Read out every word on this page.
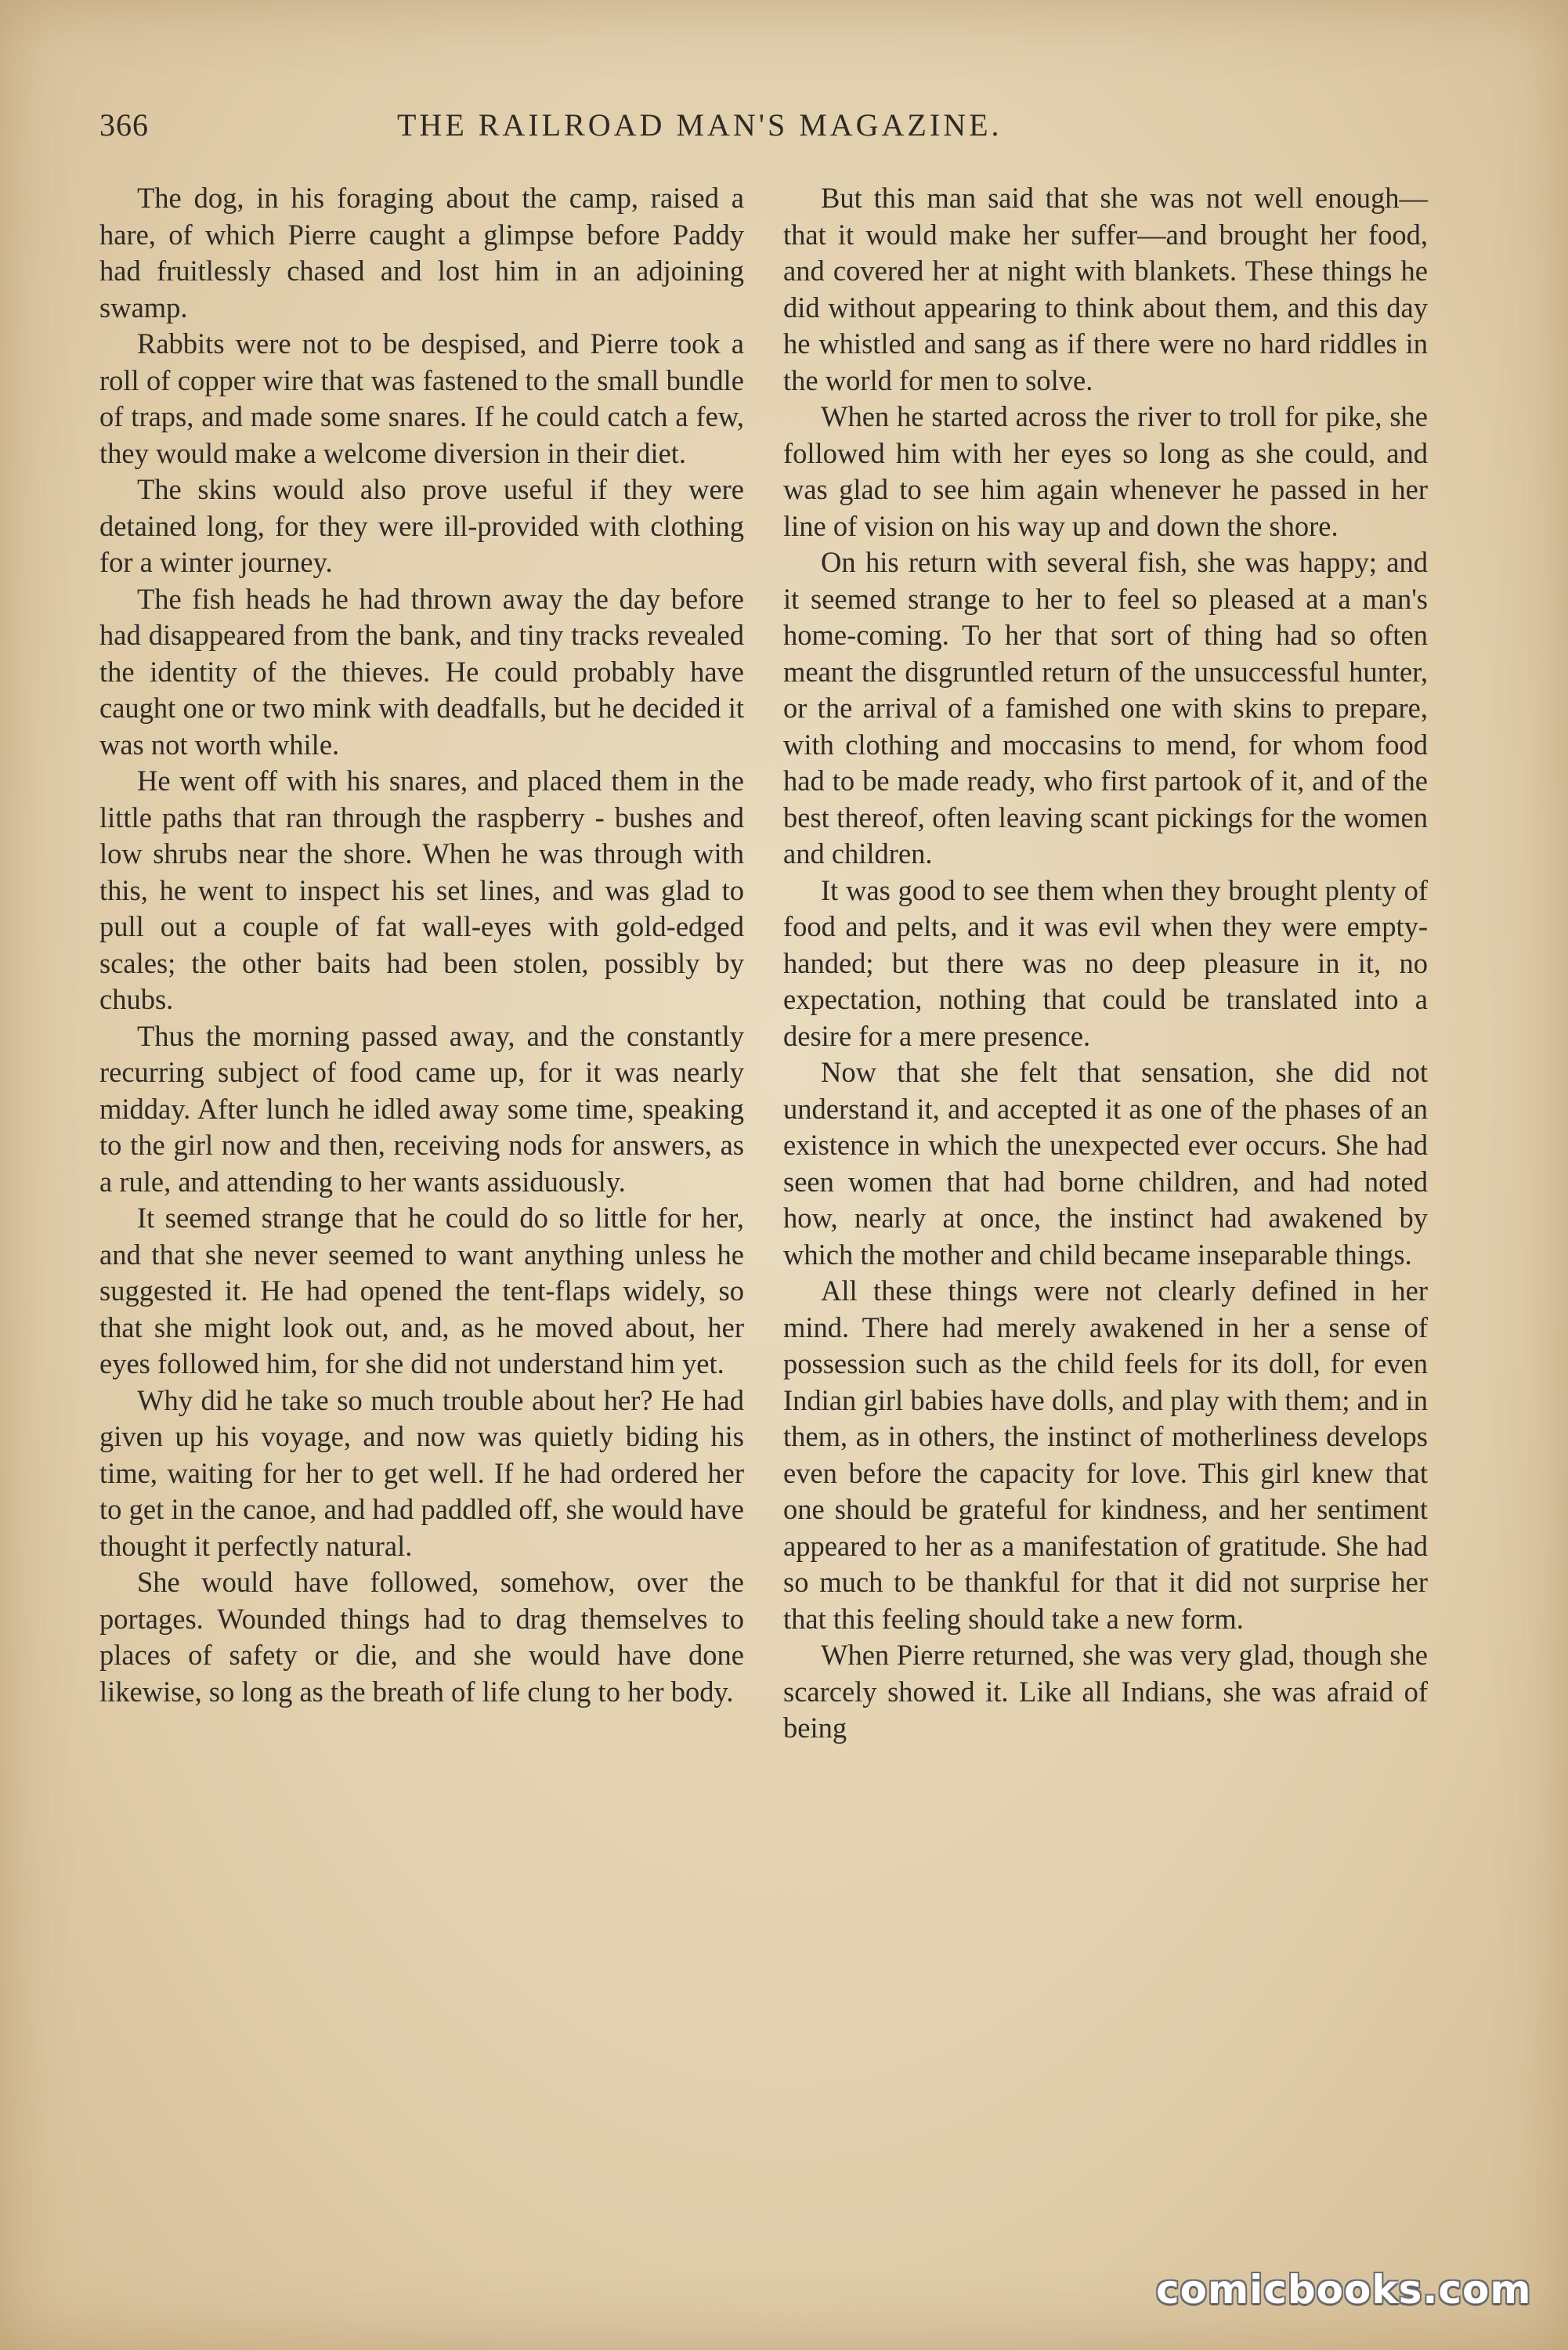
366	THE RAILROAD MAN'S MAGAZINE.

The dog, in his foraging about the camp, raised a hare, of which Pierre caught a glimpse before Paddy had fruitlessly chased and lost him in an adjoining swamp.

Rabbits were not to be despised, and Pierre took a roll of copper wire that was fastened to the small bundle of traps, and made some snares. If he could catch a few, they would make a welcome diversion in their diet.

The skins would also prove useful if they were detained long, for they were ill-provided with clothing for a winter journey.

The fish heads he had thrown away the day before had disappeared from the bank, and tiny tracks revealed the identity of the thieves. He could probably have caught one or two mink with deadfalls, but he decided it was not worth while.

He went off with his snares, and placed them in the little paths that ran through the raspberry - bushes and low shrubs near the shore. When he was through with this, he went to inspect his set lines, and was glad to pull out a couple of fat wall-eyes with gold-edged scales; the other baits had been stolen, possibly by chubs.

Thus the morning passed away, and the constantly recurring subject of food came up, for it was nearly midday. After lunch he idled away some time, speaking to the girl now and then, receiving nods for answers, as a rule, and attending to her wants assiduously.

It seemed strange that he could do so little for her, and that she never seemed to want anything unless he suggested it. He had opened the tent-flaps widely, so that she might look out, and, as he moved about, her eyes followed him, for she did not understand him yet.

Why did he take so much trouble about her? He had given up his voyage, and now was quietly biding his time, waiting for her to get well. If he had ordered her to get in the canoe, and had paddled off, she would have thought it perfectly natural.

She would have followed, somehow, over the portages. Wounded things had to drag themselves to places of safety or die, and she would have done likewise, so long as the breath of life clung to her body.

But this man said that she was not well enough—that it would make her suffer—and brought her food, and covered her at night with blankets. These things he did without appearing to think about them, and this day he whistled and sang as if there were no hard riddles in the world for men to solve.

When he started across the river to troll for pike, she followed him with her eyes so long as she could, and was glad to see him again whenever he passed in her line of vision on his way up and down the shore.

On his return with several fish, she was happy; and it seemed strange to her to feel so pleased at a man's home-coming. To her that sort of thing had so often meant the disgruntled return of the unsuccessful hunter, or the arrival of a famished one with skins to prepare, with clothing and moccasins to mend, for whom food had to be made ready, who first partook of it, and of the best thereof, often leaving scant pickings for the women and children.

It was good to see them when they brought plenty of food and pelts, and it was evil when they were empty-handed; but there was no deep pleasure in it, no expectation, nothing that could be translated into a desire for a mere presence.

Now that she felt that sensation, she did not understand it, and accepted it as one of the phases of an existence in which the unexpected ever occurs. She had seen women that had borne children, and had noted how, nearly at once, the instinct had awakened by which the mother and child became inseparable things.

All these things were not clearly defined in her mind. There had merely awakened in her a sense of possession such as the child feels for its doll, for even Indian girl babies have dolls, and play with them; and in them, as in others, the instinct of motherliness develops even before the capacity for love. This girl knew that one should be grateful for kindness, and her sentiment appeared to her as a manifestation of gratitude. She had so much to be thankful for that it did not surprise her that this feeling should take a new form.

When Pierre returned, she was very glad, though she scarcely showed it. Like all Indians, she was afraid of being

comicbooks.com
